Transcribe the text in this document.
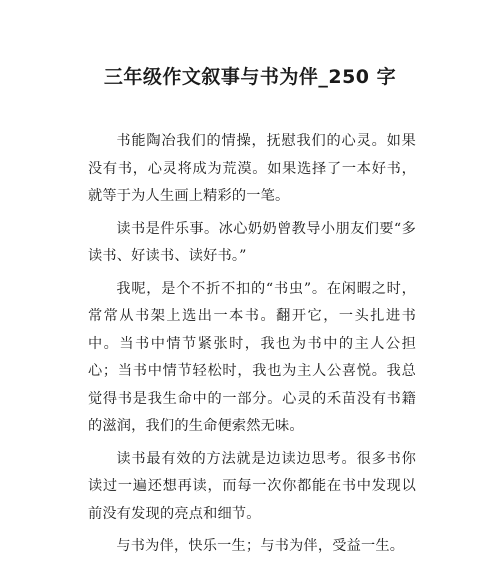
三年级作文叙事与书为伴_250 字

书能陶冶我们的情操，抚慰我们的心灵。如果没有书，心灵将成为荒漠。如果选择了一本好书，就等于为人生画上精彩的一笔。

读书是件乐事。冰心奶奶曾教导小朋友们要“多读书、好读书、读好书。”

我呢，是个不折不扣的“书虫”。在闲暇之时，常常从书架上选出一本书。翻开它，一头扎进书中。当书中情节紧张时，我也为书中的主人公担心；当书中情节轻松时，我也为主人公喜悦。我总觉得书是我生命中的一部分。心灵的禾苗没有书籍的滋润，我们的生命便索然无味。

读书最有效的方法就是边读边思考。很多书你读过一遍还想再读，而每一次你都能在书中发现以前没有发现的亮点和细节。

与书为伴，快乐一生；与书为伴，受益一生。
